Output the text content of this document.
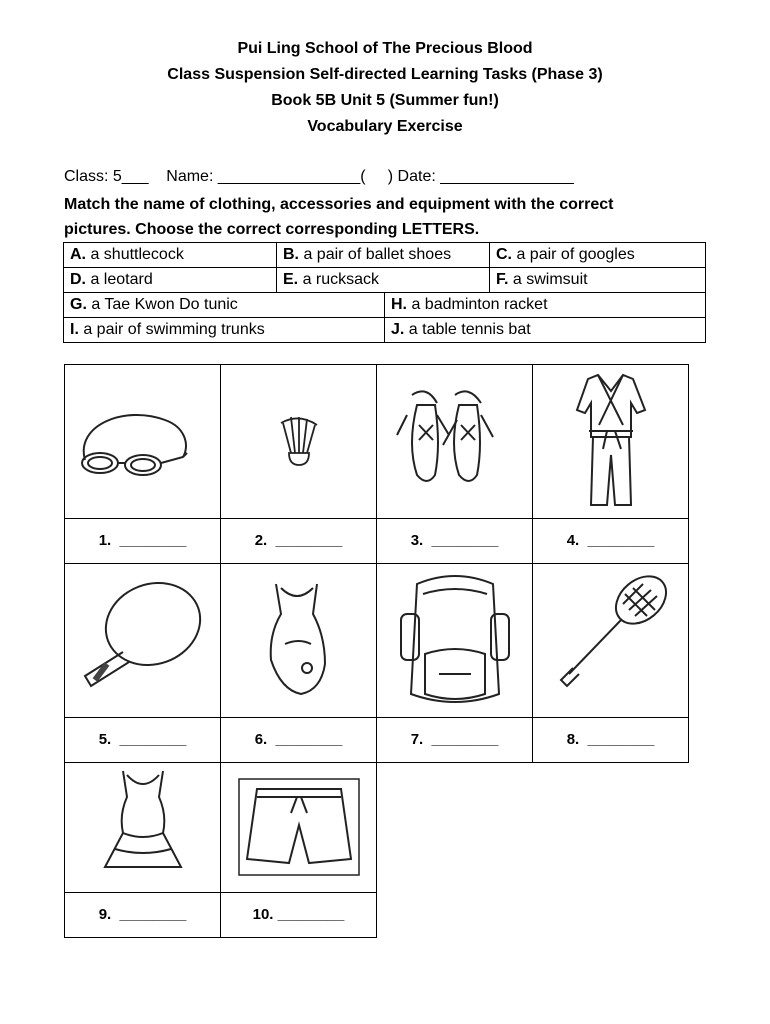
Pui Ling School of The Precious Blood
Class Suspension Self-directed Learning Tasks (Phase 3)
Book 5B Unit 5 (Summer fun!)
Vocabulary Exercise
Class: 5___    Name: ________________(     ) Date: _______________
Match the name of clothing, accessories and equipment with the correct
pictures. Choose the correct corresponding LETTERS.
A. a shuttlecock	B. a pair of ballet shoes	C. a pair of googles
D. a leotard	E. a rucksack	F. a swimsuit
G. a Tae Kwon Do tunic	H. a badminton racket
I. a pair of swimming trunks	J. a table tennis bat
1.  ________	2.  ________	3.  ________	4.  ________
5.  ________	6.  ________	7.  ________	8.  ________
9.  ________	10. ________
